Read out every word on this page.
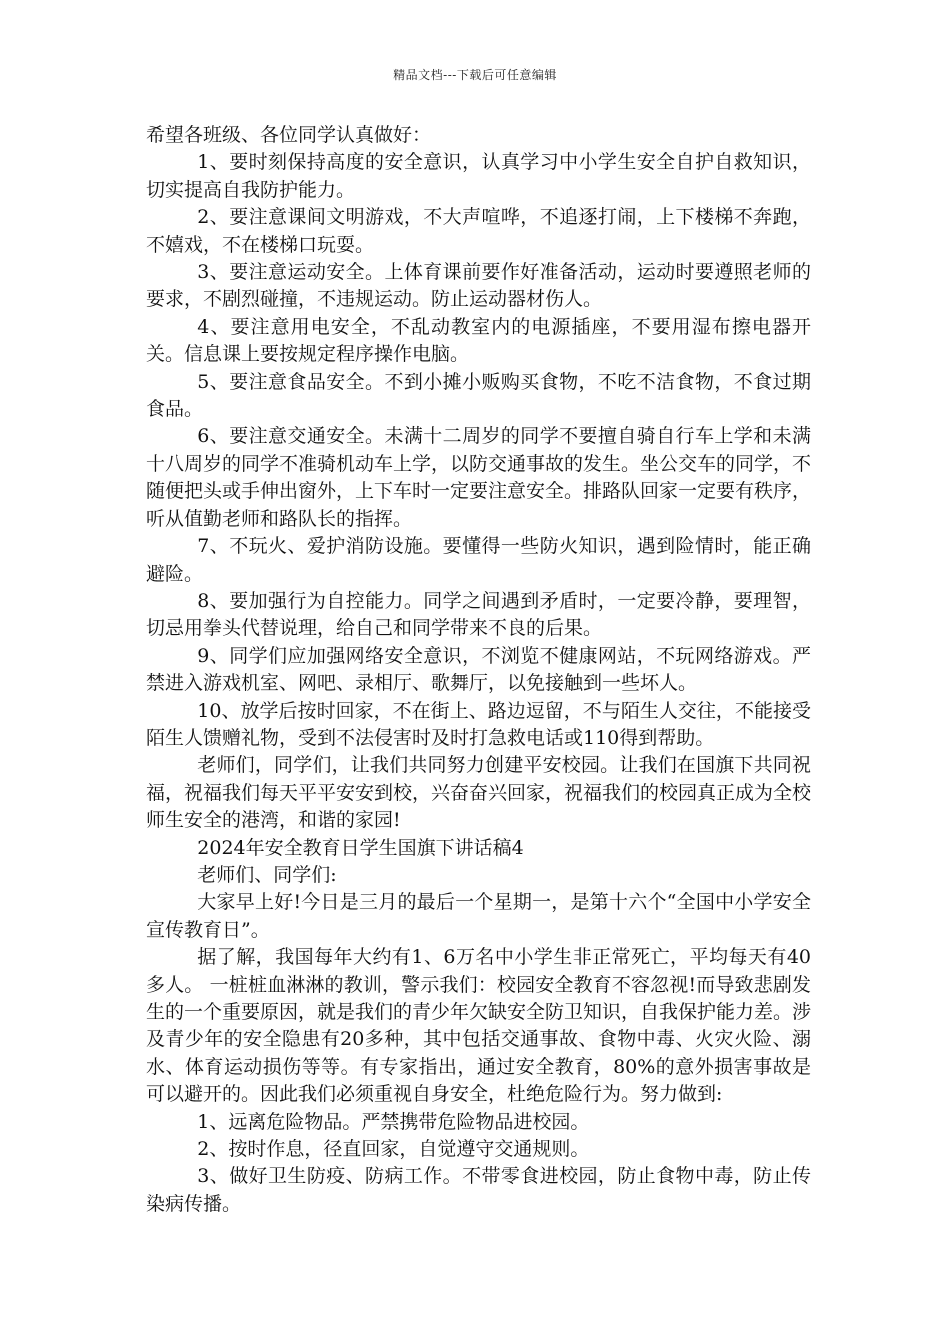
精品文档---下载后可任意编辑

希望各班级、各位同学认真做好：

1、要时刻保持高度的安全意识，认真学习中小学生安全自护自救知识，切实提高自我防护能力。

2、要注意课间文明游戏，不大声喧哗，不追逐打闹，上下楼梯不奔跑，不嬉戏，不在楼梯口玩耍。

3、要注意运动安全。上体育课前要作好准备活动，运动时要遵照老师的要求，不剧烈碰撞，不违规运动。防止运动器材伤人。

4、要注意用电安全，不乱动教室内的电源插座，不要用湿布擦电器开关。信息课上要按规定程序操作电脑。

5、要注意食品安全。不到小摊小贩购买食物，不吃不洁食物，不食过期食品。

6、要注意交通安全。未满十二周岁的同学不要擅自骑自行车上学和未满十八周岁的同学不准骑机动车上学，以防交通事故的发生。坐公交车的同学，不随便把头或手伸出窗外，上下车时一定要注意安全。排路队回家一定要有秩序，听从值勤老师和路队长的指挥。

7、不玩火、爱护消防设施。要懂得一些防火知识，遇到险情时，能正确避险。

8、要加强行为自控能力。同学之间遇到矛盾时，一定要冷静，要理智，切忌用拳头代替说理，给自己和同学带来不良的后果。

9、同学们应加强网络安全意识，不浏览不健康网站，不玩网络游戏。严禁进入游戏机室、网吧、录相厅、歌舞厅，以免接触到一些坏人。

10、放学后按时回家，不在街上、路边逗留，不与陌生人交往，不能接受陌生人馈赠礼物，受到不法侵害时及时打急救电话或110得到帮助。

老师们，同学们，让我们共同努力创建平安校园。让我们在国旗下共同祝福，祝福我们每天平平安安到校，兴奋奋兴回家，祝福我们的校园真正成为全校师生安全的港湾，和谐的家园!

2024年安全教育日学生国旗下讲话稿4

老师们、同学们:

大家早上好!今日是三月的最后一个星期一，是第十六个“全国中小学安全宣传教育日”。

据了解，我国每年大约有1、6万名中小学生非正常死亡，平均每天有40多人。 一桩桩血淋淋的教训，警示我们：校园安全教育不容忽视!而导致悲剧发生的一个重要原因，就是我们的青少年欠缺安全防卫知识，自我保护能力差。涉及青少年的安全隐患有20多种，其中包括交通事故、食物中毒、火灾火险、溺水、体育运动损伤等等。有专家指出，通过安全教育，80%的意外损害事故是可以避开的。因此我们必须重视自身安全，杜绝危险行为。努力做到:

1、远离危险物品。严禁携带危险物品进校园。

2、按时作息，径直回家，自觉遵守交通规则。

3、做好卫生防疫、防病工作。不带零食进校园，防止食物中毒，防止传染病传播。
